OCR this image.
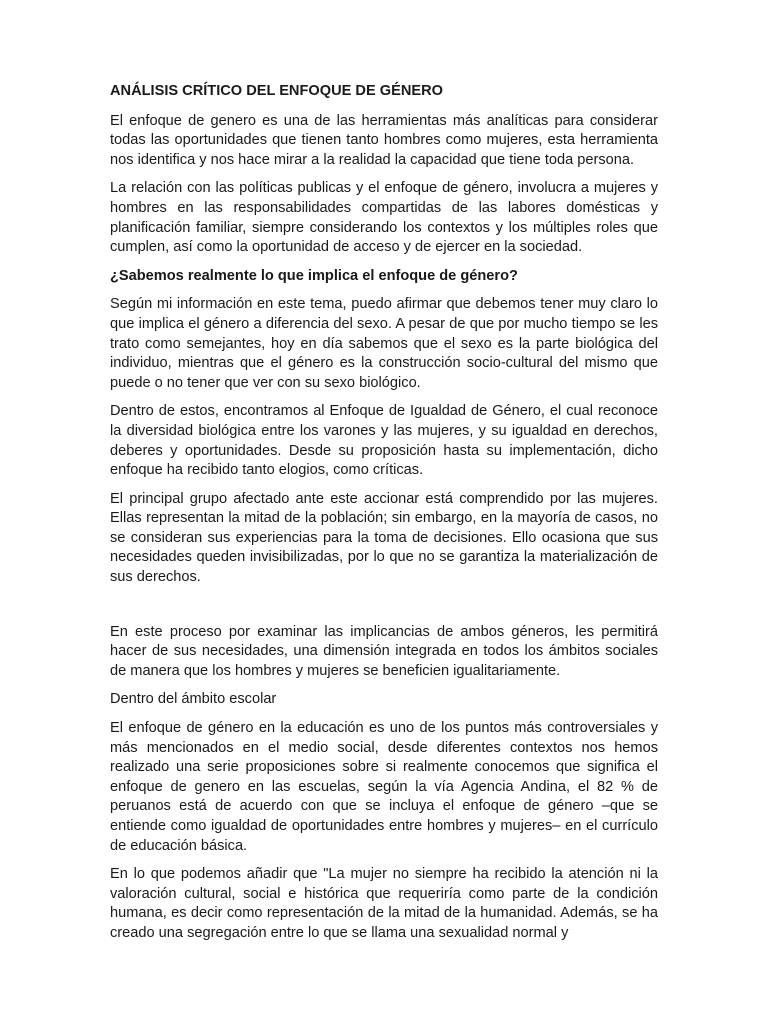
ANÁLISIS CRÍTICO DEL ENFOQUE DE GÉNERO

El enfoque de genero es una de las herramientas más analíticas para considerar todas las oportunidades que tienen tanto hombres como mujeres, esta herramienta nos identifica y nos hace mirar a la realidad la capacidad que tiene toda persona.

La relación con las políticas publicas y el enfoque de género, involucra a mujeres y hombres en las responsabilidades compartidas de las labores domésticas y planificación familiar, siempre considerando los contextos y los múltiples roles que cumplen, así como la oportunidad de acceso y de ejercer en la sociedad.

¿Sabemos realmente lo que implica el enfoque de género?

Según mi información en este tema, puedo afirmar que debemos tener muy claro lo que implica el género a diferencia del sexo. A pesar de que por mucho tiempo se les trato como semejantes, hoy en día sabemos que el sexo es la parte biológica del individuo, mientras que el género es la construcción socio-cultural del mismo que puede o no tener que ver con su sexo biológico.

Dentro de estos, encontramos al Enfoque de Igualdad de Género, el cual reconoce la diversidad biológica entre los varones y las mujeres, y su igualdad en derechos, deberes y oportunidades. Desde su proposición hasta su implementación, dicho enfoque ha recibido tanto elogios, como críticas.

El principal grupo afectado ante este accionar está comprendido por las mujeres. Ellas representan la mitad de la población; sin embargo, en la mayoría de casos, no se consideran sus experiencias para la toma de decisiones. Ello ocasiona que sus necesidades queden invisibilizadas, por lo que no se garantiza la materialización de sus derechos.

En este proceso por examinar las implicancias de ambos géneros, les permitirá hacer de sus necesidades, una dimensión integrada en todos los ámbitos sociales de manera que los hombres y mujeres se beneficien igualitariamente.

Dentro del ámbito escolar

El enfoque de género en la educación es uno de los puntos más controversiales y más mencionados en el medio social, desde diferentes contextos nos hemos realizado una serie proposiciones sobre si realmente conocemos que significa el enfoque de genero en las escuelas, según la vía Agencia Andina, el 82 % de peruanos está de acuerdo con que se incluya el enfoque de género –que se entiende como igualdad de oportunidades entre hombres y mujeres– en el currículo de educación básica.

En lo que podemos añadir que "La mujer no siempre ha recibido la atención ni la valoración cultural, social e histórica que requeriría como parte de la condición humana, es decir como representación de la mitad de la humanidad. Además, se ha creado una segregación entre lo que se llama una sexualidad normal y
